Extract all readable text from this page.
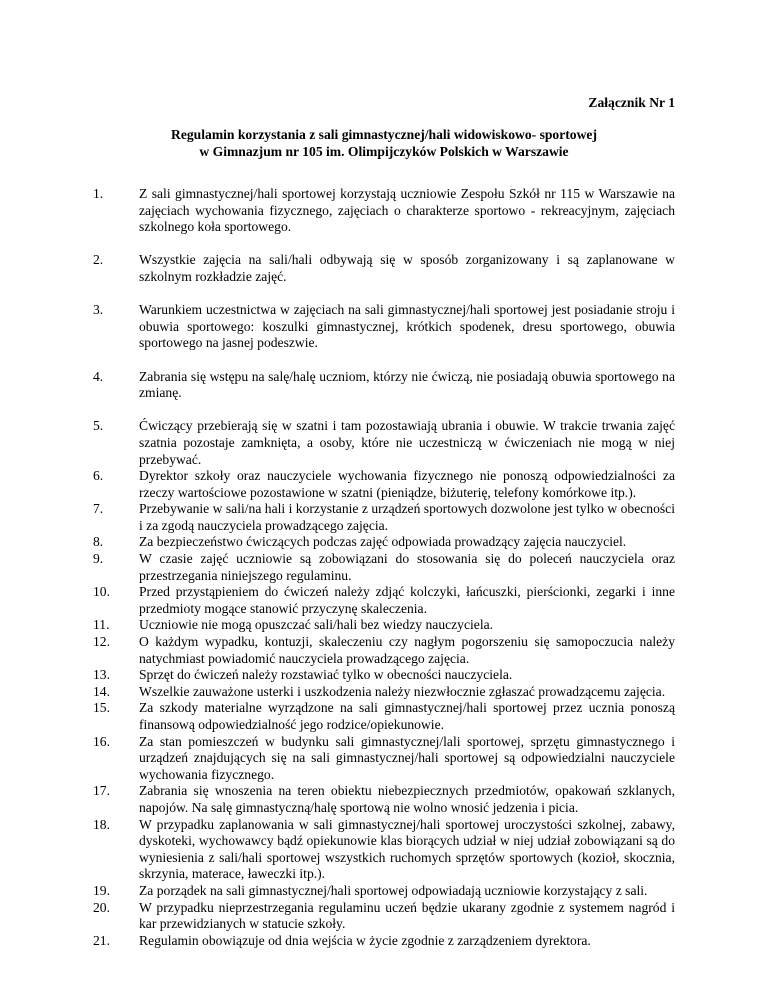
Załącznik Nr 1
Regulamin korzystania z sali gimnastycznej/hali widowiskowo- sportowej
w Gimnazjum nr 105 im. Olimpijczyków Polskich w Warszawie
1.	Z sali gimnastycznej/hali sportowej korzystają uczniowie Zespołu Szkół nr 115 w Warszawie na zajęciach wychowania fizycznego, zajęciach o charakterze sportowo - rekreacyjnym, zajęciach szkolnego koła sportowego.
2.	Wszystkie zajęcia na sali/hali odbywają się w sposób zorganizowany i są zaplanowane w szkolnym rozkładzie zajęć.
3.	Warunkiem uczestnictwa w zajęciach na sali gimnastycznej/hali sportowej jest posiadanie stroju i obuwia sportowego: koszulki gimnastycznej, krótkich spodenek, dresu sportowego, obuwia sportowego na jasnej podeszwie.
4.	Zabrania się wstępu na salę/halę uczniom, którzy nie ćwiczą, nie posiadają obuwia sportowego na zmianę.
5.	Ćwiczący przebierają się w szatni i tam pozostawiają ubrania i obuwie. W trakcie trwania zajęć szatnia pozostaje zamknięta, a osoby, które nie uczestniczą w ćwiczeniach nie mogą w niej przebywać.
6.	Dyrektor szkoły oraz nauczyciele wychowania fizycznego nie ponoszą odpowiedzialności za rzeczy wartościowe pozostawione w szatni (pieniądze, biżuterię, telefony komórkowe itp.).
7.	Przebywanie w sali/na hali i korzystanie z urządzeń sportowych dozwolone jest tylko w obecności i za zgodą nauczyciela prowadzącego zajęcia.
8.	Za bezpieczeństwo ćwiczących podczas zajęć odpowiada prowadzący zajęcia nauczyciel.
9.	W czasie zajęć uczniowie są zobowiązani do stosowania się do poleceń nauczyciela oraz przestrzegania niniejszego regulaminu.
10.	Przed przystąpieniem do ćwiczeń należy zdjąć kolczyki, łańcuszki, pierścionki, zegarki i inne przedmioty mogące stanowić przyczynę skaleczenia.
11.	Uczniowie nie mogą opuszczać sali/hali bez wiedzy nauczyciela.
12.	O każdym wypadku, kontuzji, skaleczeniu czy nagłym pogorszeniu się samopoczucia należy natychmiast powiadomić nauczyciela prowadzącego zajęcia.
13.	Sprzęt do ćwiczeń należy rozstawiać tylko w obecności nauczyciela.
14.	Wszelkie zauważone usterki i uszkodzenia należy niezwłocznie zgłaszać prowadzącemu zajęcia.
15.	Za szkody materialne wyrządzone na sali gimnastycznej/hali sportowej przez ucznia ponoszą finansową odpowiedzialność jego rodzice/opiekunowie.
16.	Za stan pomieszczeń w budynku sali gimnastycznej/lali sportowej, sprzętu gimnastycznego i urządzeń znajdujących się na sali gimnastycznej/hali sportowej są odpowiedzialni nauczyciele wychowania fizycznego.
17.	Zabrania się wnoszenia na teren obiektu niebezpiecznych przedmiotów, opakowań szklanych, napojów. Na salę gimnastyczną/halę sportową nie wolno wnosić jedzenia i picia.
18.	W przypadku zaplanowania w sali gimnastycznej/hali sportowej uroczystości szkolnej, zabawy, dyskoteki, wychowawcy bądź opiekunowie klas biorących udział w niej udział zobowiązani są do wyniesienia z sali/hali sportowej wszystkich ruchomych sprzętów sportowych (kozioł, skocznia, skrzynia, materace, ławeczki itp.).
19.	Za porządek na sali gimnastycznej/hali sportowej odpowiadają uczniowie korzystający z sali.
20.	W przypadku nieprzestrzegania regulaminu uczeń będzie ukarany zgodnie z systemem nagród i kar przewidzianych w statucie szkoły.
21.	Regulamin obowiązuje od dnia wejścia w życie zgodnie z zarządzeniem dyrektora.
